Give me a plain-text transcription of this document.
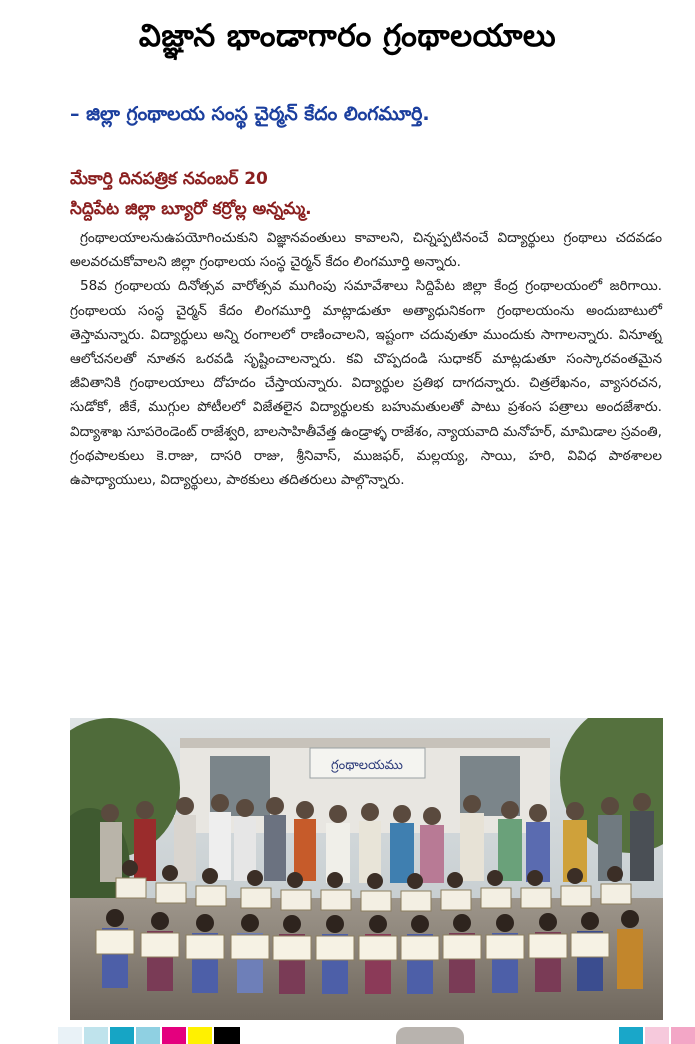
విజ్ఞాన భాండాగారం గ్రంథాలయాలు
– జిల్లా గ్రంథాలయ సంస్థ చైర్మన్ కేదం లింగమూర్తి.
మేకార్తి దినపత్రిక నవంబర్ 20
సిద్దిపేట జిల్లా బ్యూరో కర్రోల్ల అన్నమ్మ.

గ్రంథాలయాలనుఉపయోగించుకుని విజ్ఞానవంతులు కావాలని, చిన్నప్పటినంచే విద్యార్థులు గ్రంథాలు చదవడం అలవరచుకోవాలని జిల్లా గ్రంథాలయ సంస్థ చైర్మన్ కేదం లింగమూర్తి అన్నారు.

58వ గ్రంథాలయ దినోత్సవ వారోత్సవ ముగింపు సమావేశాలు సిద్దిపేట జిల్లా కేంద్ర గ్రంథాలయంలో జరిగాయి. గ్రంథాలయ సంస్థ చైర్మన్ కేదం లింగమూర్తి మాట్లాడుతూ అత్యాధునికంగా గ్రంథాలయంను అందుబాటులో తెస్తామన్నారు. విద్యార్థులు అన్ని రంగాలలో రాణించాలని, ఇష్టంగా చదువుతూ ముందుకు సాగాలన్నారు. వినూత్న ఆలోచనలతో నూతన ఒరవడి సృష్టించాలన్నారు. కవి చొప్పదండి సుధాకర్ మాట్లడుతూ సంస్కారవంతమైన జీవితానికి గ్రంథాలయాలు దోహదం చేస్తాయన్నారు. విద్యార్థుల ప్రతిభ దాగదన్నారు. చిత్రలేఖనం, వ్యాసరచన, సుడోకో, జీకే, ముగ్గుల పోటీలలో విజేతలైన విద్యార్థులకు బహుమతులతో పాటు ప్రశంస పత్రాలు అందజేశారు. విద్యాశాఖ సూపరెండెంట్ రాజేశ్వరి, బాలసాహితీవేత్త ఉండ్రాళ్ళ రాజేశం, న్యాయవాది మనోహర్, మామిడాల స్రవంతి, గ్రంథపాలకులు కె.రాజు, దాసరి రాజు, శ్రీనివాస్, ముజఫర్, మల్లయ్య, సాయి, హరి, వివిధ పాఠశాలల ఉపాధ్యాయులు, విద్యార్థులు, పాఠకులు తదితరులు పాల్గొన్నారు.

గ్రంథాలయము
